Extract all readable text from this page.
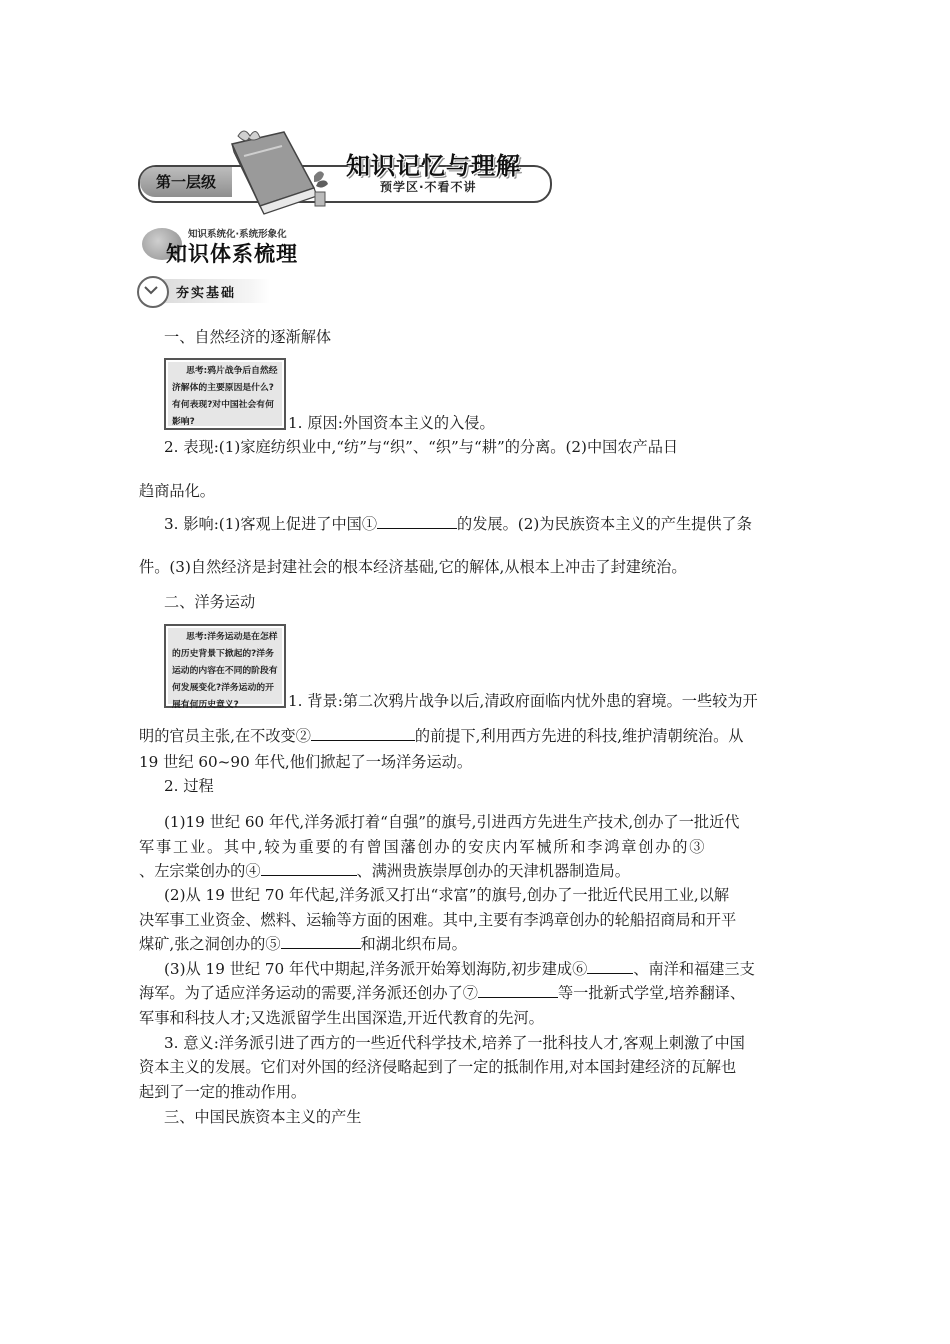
第一层级
知识记忆与理解
预学区·不看不讲
知识系统化·系统形象化
知识体系梳理
夯实基础
一、自然经济的逐渐解体
思考:鸦片战争后自然经济解体的主要原因是什么?有何表现?对中国社会有何影响?	1. 原因:外国资本主义的入侵。
2. 表现:(1)家庭纺织业中,“纺”与“织”、“织”与“耕”的分离。(2)中国农产品日
趋商品化。
3. 影响:(1)客观上促进了中国①	的发展。(2)为民族资本主义的产生提供了条
件。(3)自然经济是封建社会的根本经济基础,它的解体,从根本上冲击了封建统治。
二、洋务运动
思考:洋务运动是在怎样的历史背景下掀起的?洋务运动的内容在不同的阶段有何发展变化?洋务运动的开展有何历史意义?	1. 背景:第二次鸦片战争以后,清政府面临内忧外患的窘境。一些较为开
明的官员主张,在不改变②	的前提下,利用西方先进的科技,维护清朝统治。从
19 世纪 60~90 年代,他们掀起了一场洋务运动。
2. 过程
(1)19 世纪 60 年代,洋务派打着“自强”的旗号,引进西方先进生产技术,创办了一批近代
军事工业。其中,较为重要的有曾国藩创办的安庆内军械所和李鸿章创办的③
、左宗棠创办的④	、满洲贵族崇厚创办的天津机器制造局。
(2)从 19 世纪 70 年代起,洋务派又打出“求富”的旗号,创办了一批近代民用工业,以解
决军事工业资金、燃料、运输等方面的困难。其中,主要有李鸿章创办的轮船招商局和开平
煤矿,张之洞创办的⑤	和湖北织布局。
(3)从 19 世纪 70 年代中期起,洋务派开始筹划海防,初步建成⑥	、南洋和福建三支
海军。为了适应洋务运动的需要,洋务派还创办了⑦	等一批新式学堂,培养翻译、
军事和科技人才;又选派留学生出国深造,开近代教育的先河。
3. 意义:洋务派引进了西方的一些近代科学技术,培养了一批科技人才,客观上刺激了中国
资本主义的发展。它们对外国的经济侵略起到了一定的抵制作用,对本国封建经济的瓦解也
起到了一定的推动作用。
三、中国民族资本主义的产生
